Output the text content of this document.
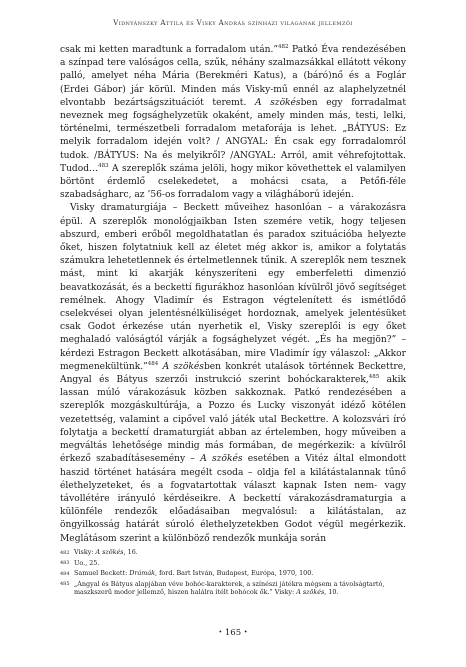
Vidnyánszky Attila és Visky András színházi világának jellemzői

csak mi ketten maradtunk a forradalom után.”$^{482}$ Patkó Éva rendezésében a színpad tere valóságos cella, szűk, néhány szalmazsákkal ellátott vékony palló, amelyet néha Mária (Berekméri Katus), a (báró)nő és a Foglár (Erdei Gábor) jár körül. Minden más Visky-mű ennél az alaphelyzetnél elvontabb bezártságszituációt teremt. A szökésben egy forradalmat neveznek meg fogsághelyzetük okaként, amely minden más, testi, lelki, történelmi, természetbeli forradalom metaforája is lehet. „BÁTYUS: Ez melyik forradalom idején volt? / ANGYAL: Én csak egy forradalomról tudok. /BÁTYUS: Na és melyikről? /ANGYAL: Arról, amit véhrefojtottak. Tudod…$^{483}$ A szereplők száma jelöli, hogy mikor követhettek el valamilyen börtönt érdemlő cselekedetet, a mohácsi csata, a Petőfi-féle szabadságharc, az ’56-os forradalom vagy a világháború idején.

Visky dramaturgiája – Beckett műveihez hasonlóan – a várakozásra épül. A szereplők monológjaikban Isten szemére vetik, hogy teljesen abszurd, emberi erőből megoldhatatlan és paradox szituációba helyezte őket, hiszen folytatniuk kell az életet még akkor is, amikor a folytatás számukra lehetetlennek és értelmetlennek tűnik. A szereplők nem tesznek mást, mint ki akarják kényszeríteni egy emberfeletti dimenzió beavatkozását, és a beckettí figurákhoz hasonlóan kívülről jövő segítséget remélnek. Ahogy Vladimír és Estragon végtelenített és ismétlődő cselekvései olyan jelentésnélküliséget hordoznak, amelyek jelentésüket csak Godot érkezése után nyerhetik el, Visky szereplői is egy őket meghaladó valóságtól várják a fogsághelyzet végét. „És ha megjön?” – kérdezi Estragon Beckett alkotásában, mire Vladimír így válaszol: „Akkor megmenekültünk.”$^{484}$ A szökésben konkrét utalások történnek Beckettre, Angyal és Bátyus szerzői instrukció szerint bohóckarakterek,$^{485}$ akik lassan múló várakozásuk közben sakkoznak. Patkó rendezésében a szereplők mozgáskultúrája, a Pozzo és Lucky viszonyát idéző kötélen vezetettség, valamint a cipővel való játék utal Beckettre. A kolozsvári író folytatja a beckettí dramaturgiát abban az értelemben, hogy műveiben a megváltás lehetősége mindig más formában, de megérkezik: a kívülről érkező szabadításesemény – A szökés esetében a Vitéz által elmondott haszid történet hatására megélt csoda – oldja fel a kilátástalannak tűnő élethelyzeteket, és a fogvatartottak választ kapnak Isten nem- vagy távollétére irányuló kérdéseikre. A beckettí várakozásdramaturgia a különféle rendezők előadásaiban megvalósul: a kilátástalan, az öngyilkosság határát súroló élethelyzetekben Godot végül megérkezik. Meglátásom szerint a különböző rendezők munkája során

482 Visky: A szökés, 16.
483 Uo., 25.
484 Samuel Beckett: Drámák, ford. Bart István, Budapest, Európa, 1970, 100.
485 „Angyal és Bátyus alapjában véve bohóc-karakterek, a színészi játékra mégsem a távolságtartó, maszkszerű modor jellemző, hiszen halálra ítélt bohócok ők.” Visky: A szökés, 10.
• 165 •
